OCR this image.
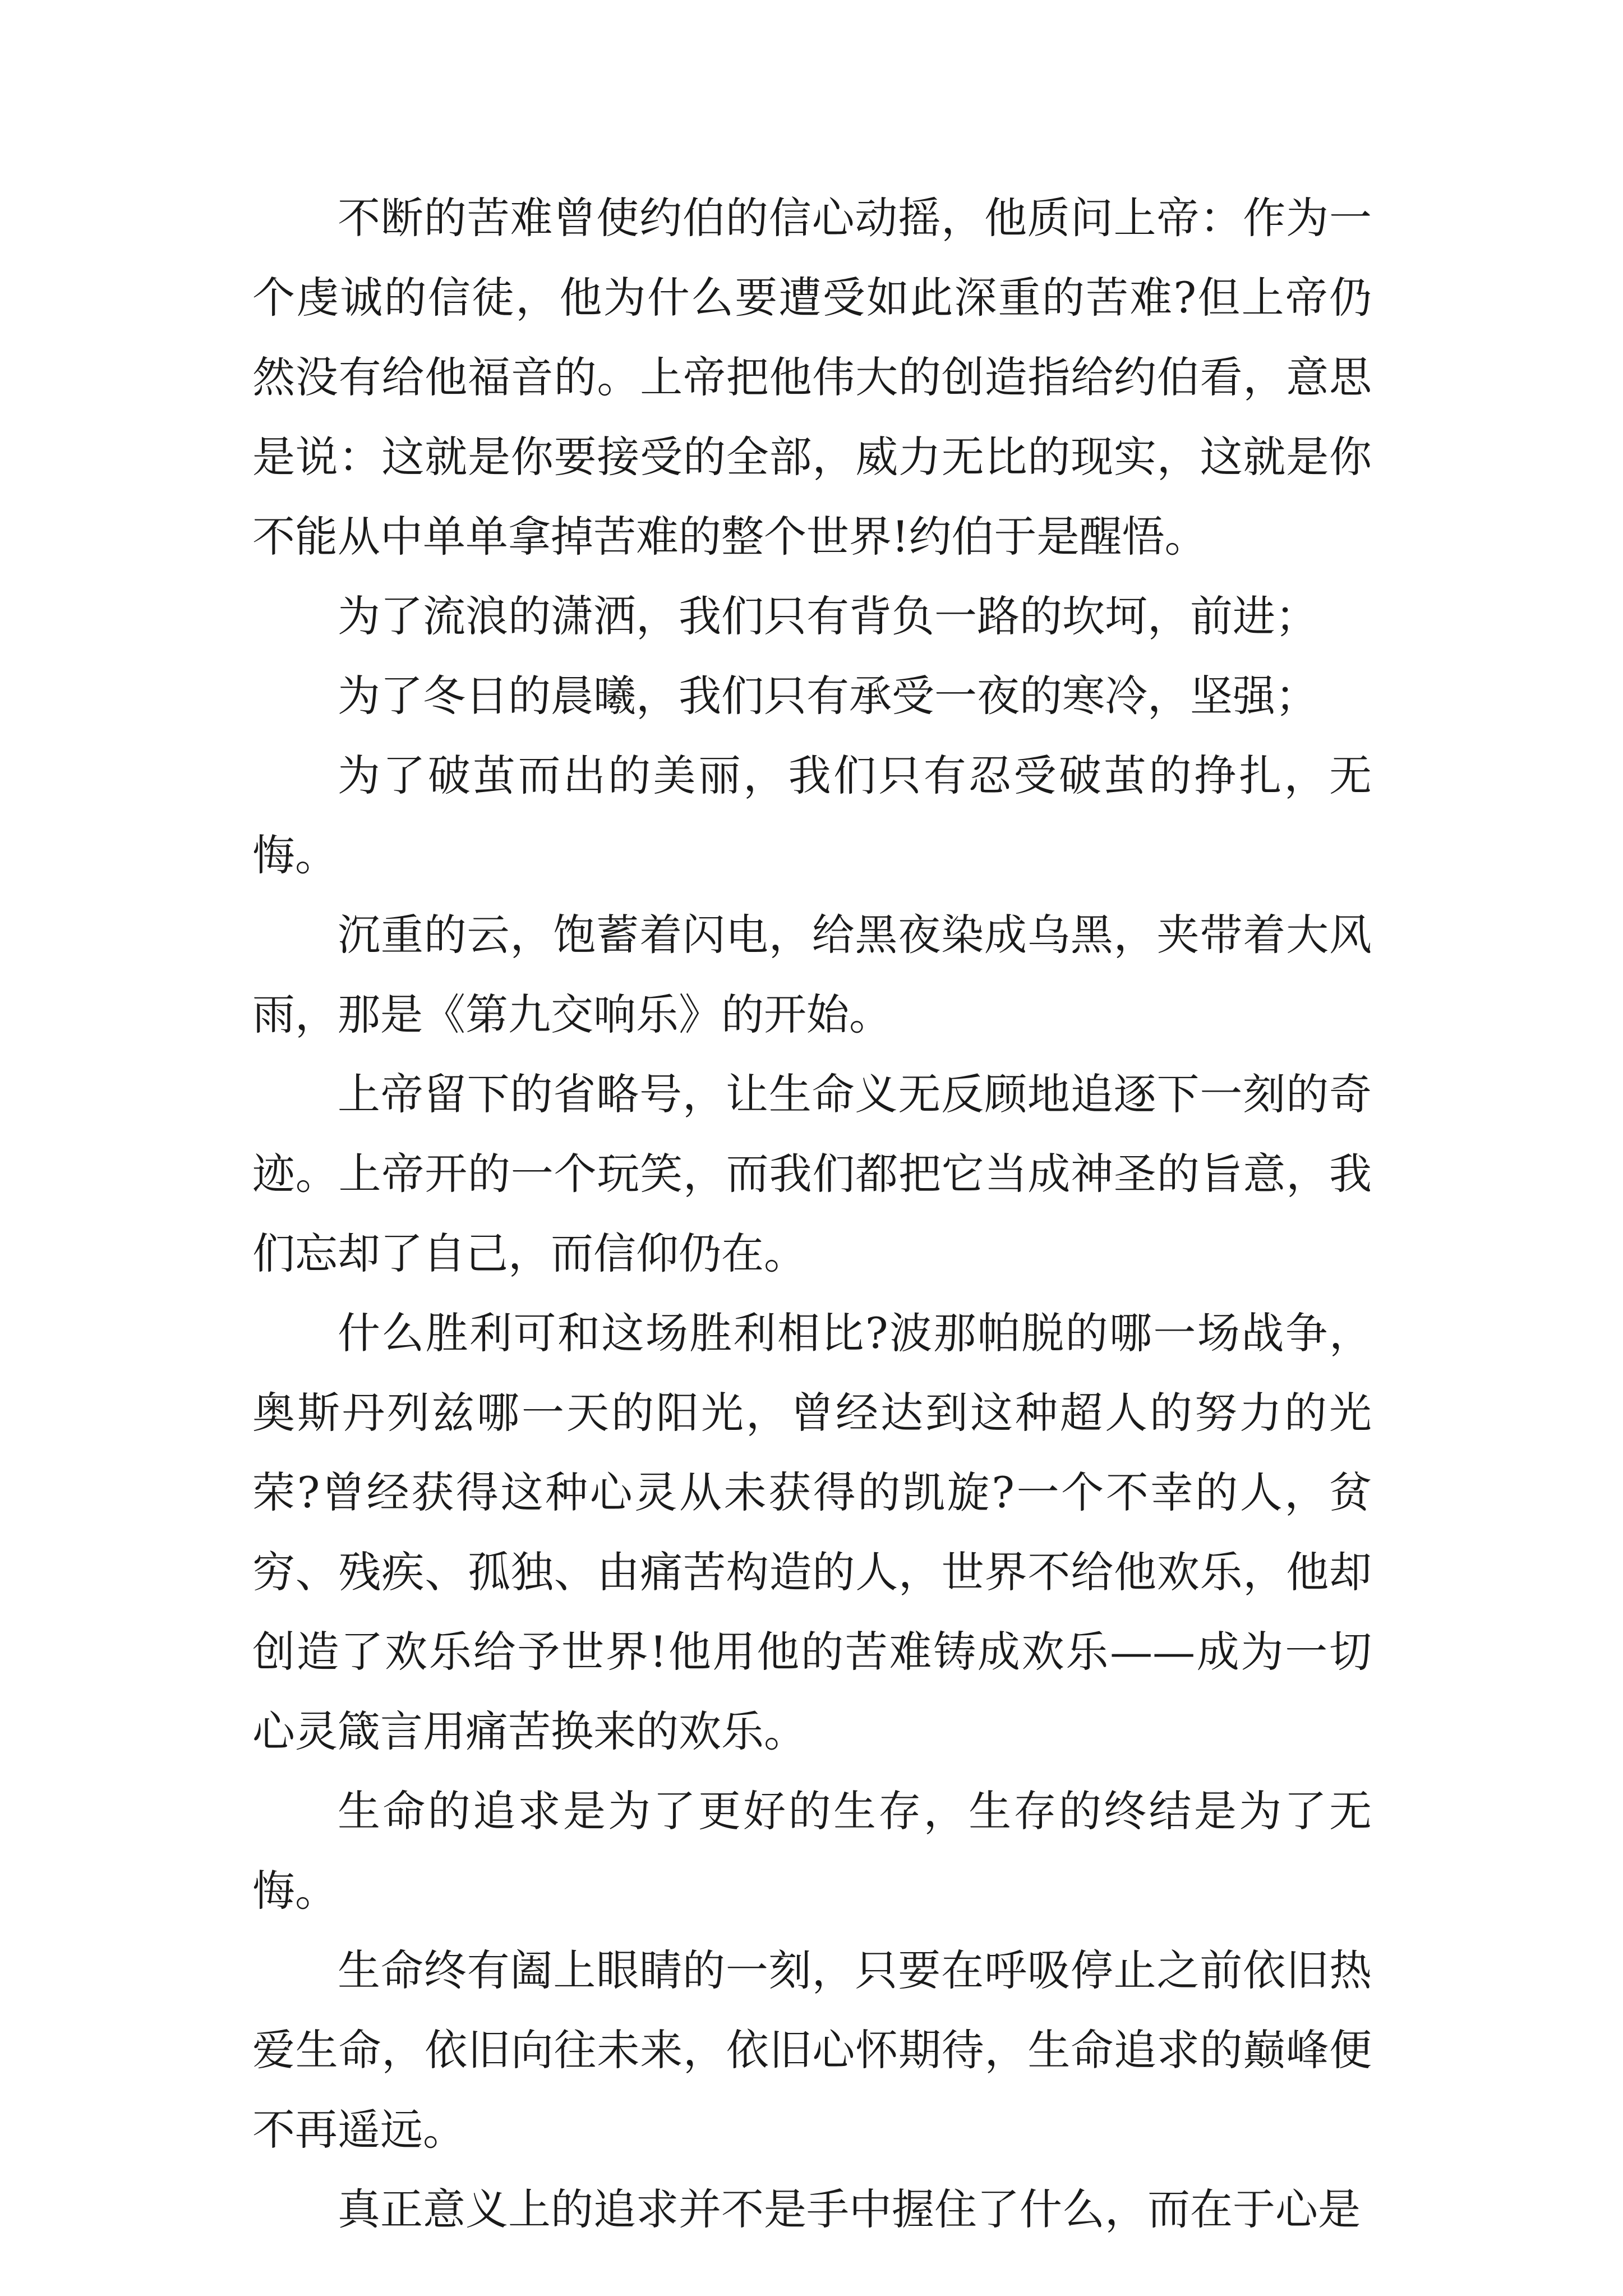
不断的苦难曾使约伯的信心动摇，他质问上帝：作为一个虔诚的信徒，他为什么要遭受如此深重的苦难?但上帝仍然没有给他福音的。上帝把他伟大的创造指给约伯看，意思是说：这就是你要接受的全部，威力无比的现实，这就是你不能从中单单拿掉苦难的整个世界!约伯于是醒悟。

为了流浪的潇洒，我们只有背负一路的坎坷，前进；

为了冬日的晨曦，我们只有承受一夜的寒冷，坚强；

为了破茧而出的美丽，我们只有忍受破茧的挣扎，无悔。

沉重的云，饱蓄着闪电，给黑夜染成乌黑，夹带着大风雨，那是《第九交响乐》的开始。

上帝留下的省略号，让生命义无反顾地追逐下一刻的奇迹。上帝开的一个玩笑，而我们都把它当成神圣的旨意，我们忘却了自己，而信仰仍在。

什么胜利可和这场胜利相比?波那帕脱的哪一场战争，奥斯丹列兹哪一天的阳光，曾经达到这种超人的努力的光荣?曾经获得这种心灵从未获得的凯旋?一个不幸的人，贫穷、残疾、孤独、由痛苦构造的人，世界不给他欢乐，他却创造了欢乐给予世界!他用他的苦难铸成欢乐——成为一切心灵箴言用痛苦换来的欢乐。

生命的追求是为了更好的生存，生存的终结是为了无悔。

生命终有阖上眼睛的一刻，只要在呼吸停止之前依旧热爱生命，依旧向往未来，依旧心怀期待，生命追求的巅峰便不再遥远。

真正意义上的追求并不是手中握住了什么，而在于心是
